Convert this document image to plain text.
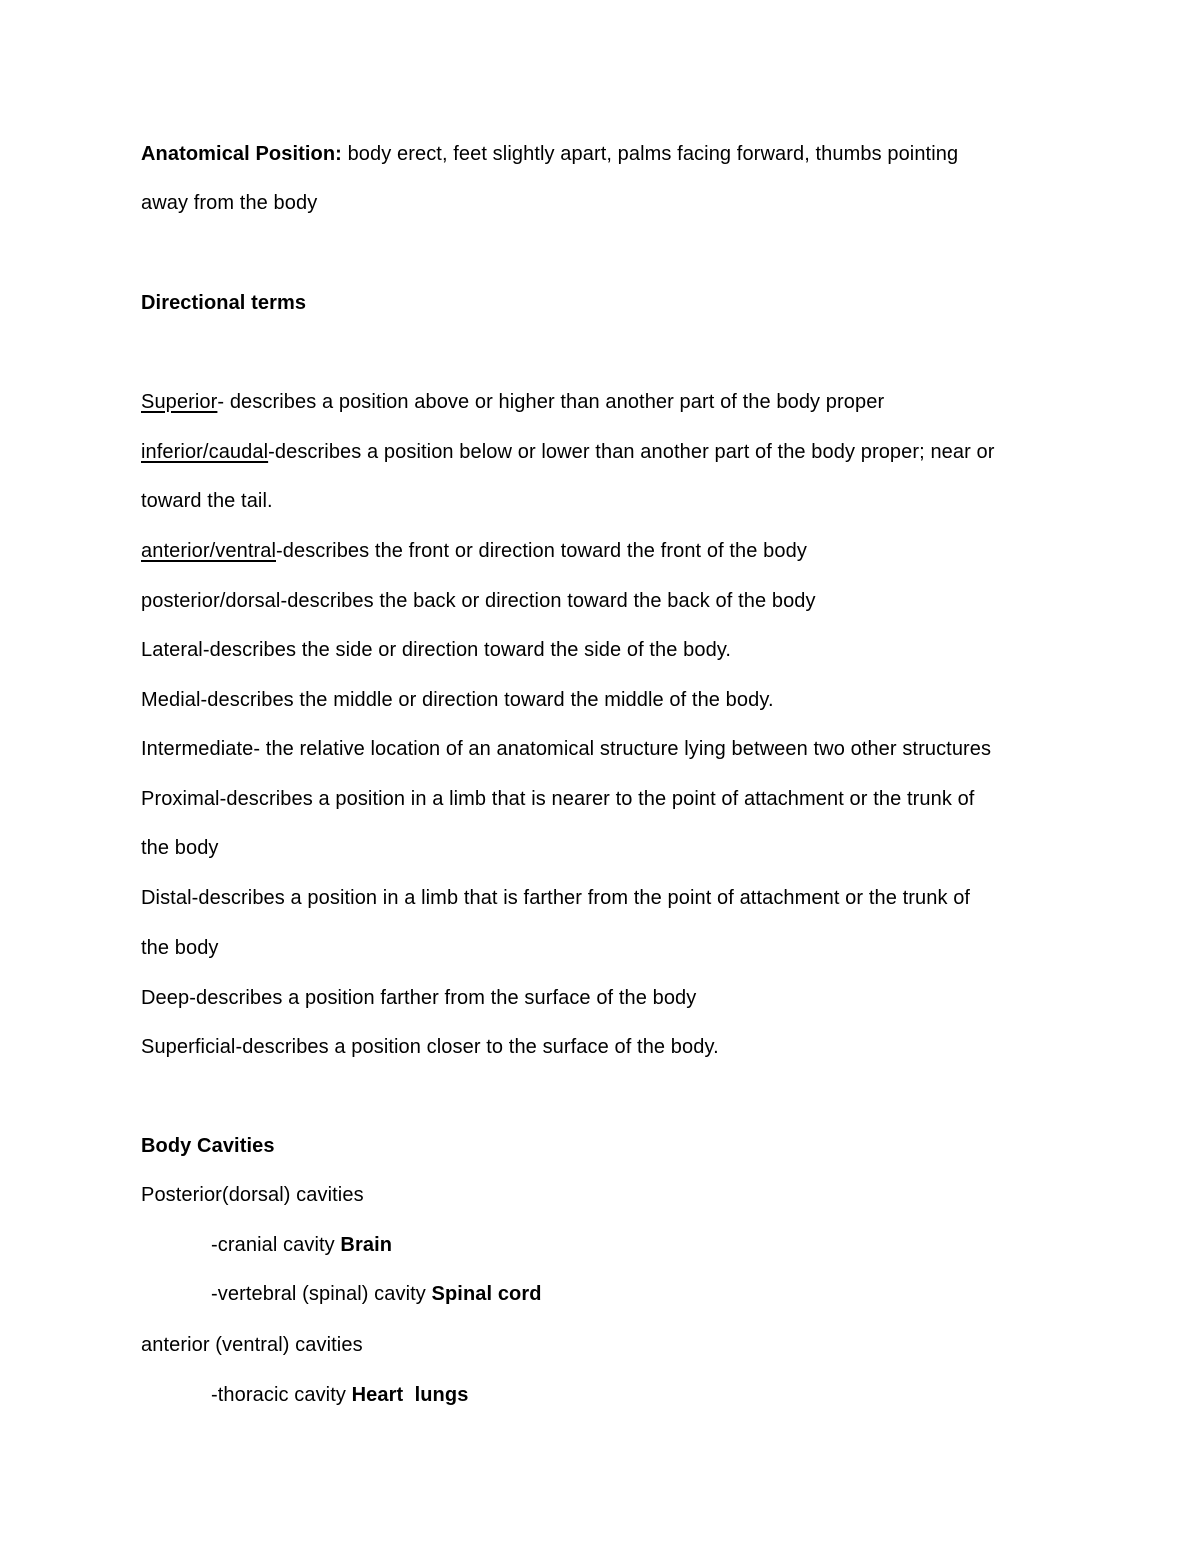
Anatomical Position: body erect, feet slightly apart, palms facing forward, thumbs pointing
away from the body
Directional terms
Superior- describes a position above or higher than another part of the body proper
inferior/caudal-describes a position below or lower than another part of the body proper; near or
toward the tail.
anterior/ventral-describes the front or direction toward the front of the body
posterior/dorsal-describes the back or direction toward the back of the body
Lateral-describes the side or direction toward the side of the body.
Medial-describes the middle or direction toward the middle of the body.
Intermediate- the relative location of an anatomical structure lying between two other structures
Proximal-describes a position in a limb that is nearer to the point of attachment or the trunk of
the body
Distal-describes a position in a limb that is farther from the point of attachment or the trunk of
the body
Deep-describes a position farther from the surface of the body
Superficial-describes a position closer to the surface of the body.
Body Cavities
Posterior(dorsal) cavities
-cranial cavity Brain
-vertebral (spinal) cavity Spinal cord
anterior (ventral) cavities
-thoracic cavity Heart  lungs
